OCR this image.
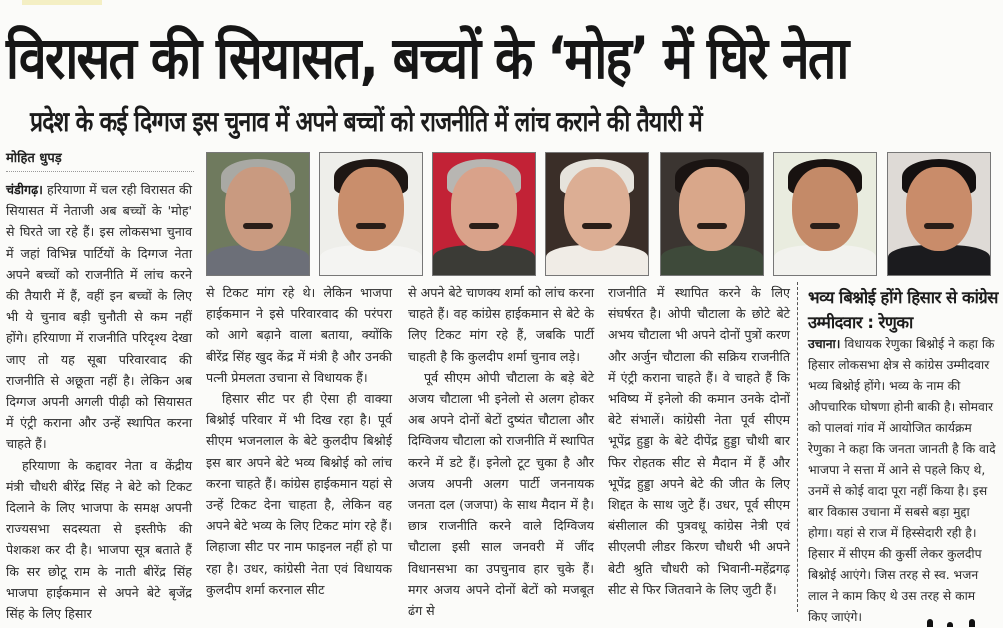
विरासत की सियासत, बच्चों के ‘मोह’ में घिरे नेता
प्रदेश के कई दिग्गज इस चुनाव में अपने बच्चों को राजनीति में लांच कराने की तैयारी में
मोहित धुपड़

चंडीगढ़। हरियाणा में चल रही विरासत की सियासत में नेताजी अब बच्चों के 'मोह' से घिरते जा रहे हैं। इस लोकसभा चुनाव में जहां विभिन्न पार्टियों के दिग्गज नेता अपने बच्चों को राजनीति में लांच करने की तैयारी में हैं, वहीं इन बच्चों के लिए भी ये चुनाव बड़ी चुनौती से कम नहीं होंगे। हरियाणा में राजनीति परिदृश्य देखा जाए तो यह सूबा परिवारवाद की राजनीति से अछूता नहीं है। लेकिन अब दिग्गज अपनी अगली पीढ़ी को सियासत में एंट्री कराना और उन्हें स्थापित करना चाहते हैं।

हरियाणा के कद्दावर नेता व केंद्रीय मंत्री चौधरी बीरेंद्र सिंह ने बेटे को टिकट दिलाने के लिए भाजपा के समक्ष अपनी राज्यसभा सदस्यता से इस्तीफे की पेशकश कर दी है। भाजपा सूत्र बताते हैं कि सर छोटू राम के नाती बीरेंद्र सिंह भाजपा हाईकमान से अपने बेटे बृजेंद्र सिंह के लिए हिसार

से टिकट मांग रहे थे। लेकिन भाजपा हाईकमान ने इसे परिवारवाद की परंपरा को आगे बढ़ाने वाला बताया, क्योंकि बीरेंद्र सिंह खुद केंद्र में मंत्री है और उनकी पत्नी प्रेमलता उचाना से विधायक हैं।

हिसार सीट पर ही ऐसा ही वाक्या बिश्नोई परिवार में भी दिख रहा है। पूर्व सीएम भजनलाल के बेटे कुलदीप बिश्नोई इस बार अपने बेटे भव्य बिश्नोई को लांच करना चाहते हैं। कांग्रेस हाईकमान यहां से उन्हें टिकट देना चाहता है, लेकिन वह अपने बेटे भव्य के लिए टिकट मांग रहे हैं। लिहाजा सीट पर नाम फाइनल नहीं हो पा रहा है। उधर, कांग्रेसी नेता एवं विधायक कुलदीप शर्मा करनाल सीट

से अपने बेटे चाणक्य शर्मा को लांच करना चाहते हैं। वह कांग्रेस हाईकमान से बेटे के लिए टिकट मांग रहे हैं, जबकि पार्टी चाहती है कि कुलदीप शर्मा चुनाव लड़े।

पूर्व सीएम ओपी चौटाला के बड़े बेटे अजय चौटाला भी इनेलो से अलग होकर अब अपने दोनों बेटों दुष्यंत चौटाला और दिग्विजय चौटाला को राजनीति में स्थापित करने में डटे हैं। इनेलो टूट चुका है और अजय अपनी अलग पार्टी जननायक जनता दल (जजपा) के साथ मैदान में है। छात्र राजनीति करने वाले दिग्विजय चौटाला इसी साल जनवरी में जींद विधानसभा का उपचुनाव हार चुके हैं। मगर अजय अपने दोनों बेटों को मजबूत ढंग से

राजनीति में स्थापित करने के लिए संघर्षरत है। ओपी चौटाला के छोटे बेटे अभय चौटाला भी अपने दोनों पुत्रों करण और अर्जुन चौटाला की सक्रिय राजनीति में एंट्री कराना चाहते हैं। वे चाहते हैं कि भविष्य में इनेलो की कमान उनके दोनों बेटे संभालें। कांग्रेसी नेता पूर्व सीएम भूपेंद्र हुड्डा के बेटे दीपेंद्र हुड्डा चौथी बार फिर रोहतक सीट से मैदान में हैं और भूपेंद्र हुड्डा अपने बेटे की जीत के लिए शिद्दत के साथ जुटे हैं। उधर, पूर्व सीएम बंसीलाल की पुत्रवधू कांग्रेस नेत्री एवं सीएलपी लीडर किरण चौधरी भी अपने बेटी श्रुति चौधरी को भिवानी-महेंद्रगढ़ सीट से फिर जितवाने के लिए जुटी हैं।

भव्य बिश्नोई होंगे हिसार से कांग्रेस उम्मीदवार : रेणुका

उचाना। विधायक रेणुका बिश्नोई ने कहा कि हिसार लोकसभा क्षेत्र से कांग्रेस उम्मीदवार भव्य बिश्नोई होंगे। भव्य के नाम की औपचारिक घोषणा होनी बाकी है। सोमवार को पालवां गांव में आयोजित कार्यक्रम रेणुका ने कहा कि जनता जानती है कि वादे भाजपा ने सत्ता में आने से पहले किए थे, उनमें से कोई वादा पूरा नहीं किया है। इस बार विकास उचाना में सबसे बड़ा मुद्दा होगा। यहां से राज में हिस्सेदारी रही है। हिसार में सीएम की कुर्सी लेकर कुलदीप बिश्नोई आएंगे। जिस तरह से स्व. भजन लाल ने काम किए थे उस तरह से काम किए जाएंगे।
